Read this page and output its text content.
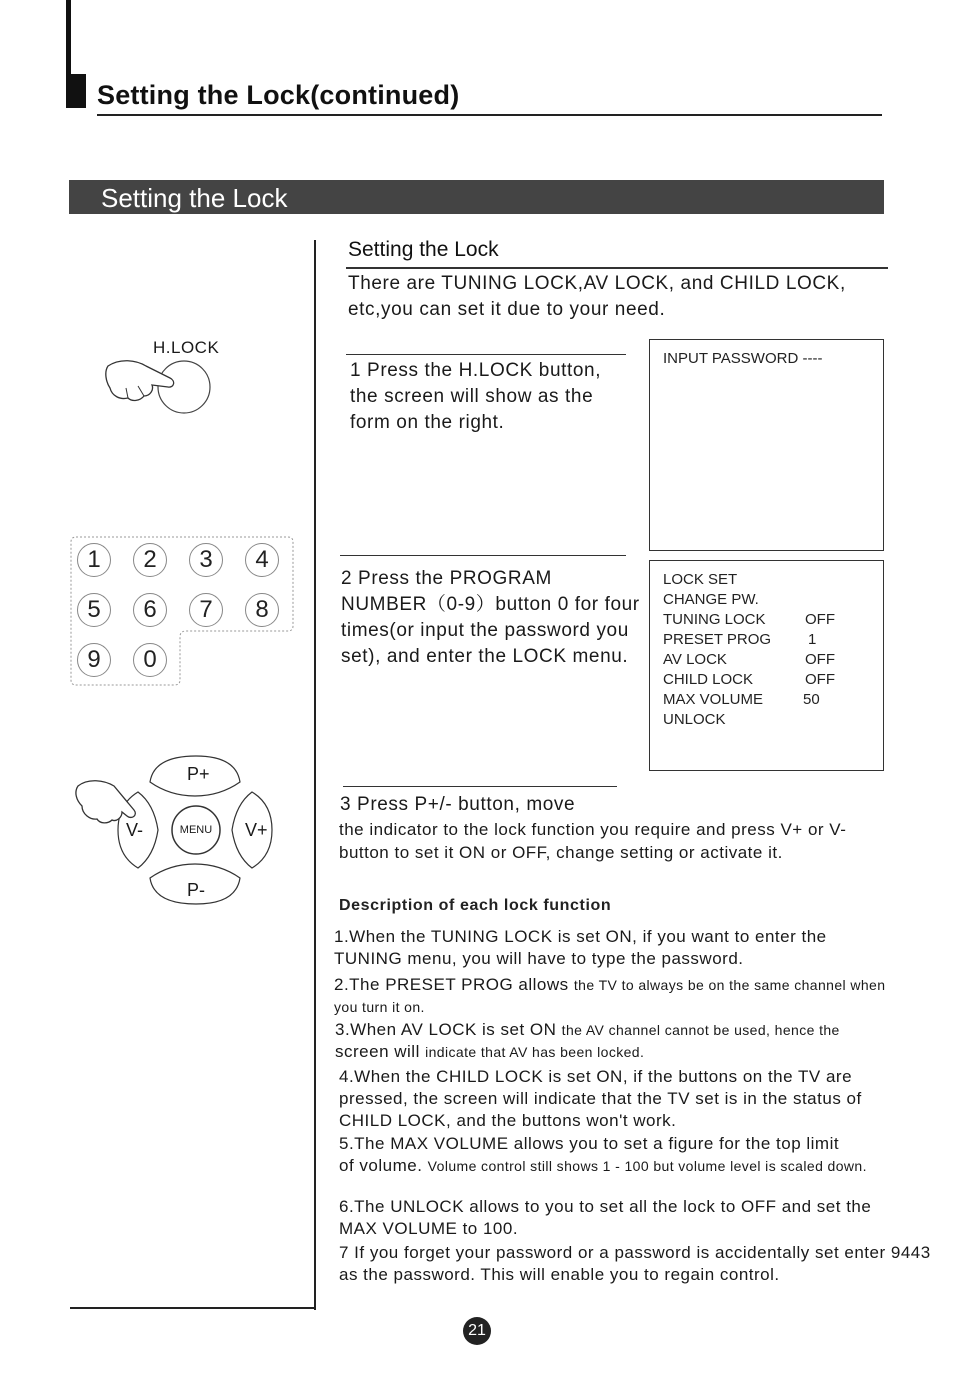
Setting the Lock(continued)
Setting the Lock
Setting the Lock
There are TUNING LOCK,AV LOCK, and CHILD LOCK, etc,you can set it due to your need.
1 Press the H.LOCK button, the screen will show as the form on the right.
2 Press the PROGRAM NUMBER（0-9）button 0 for four times(or input the password you set), and enter the LOCK menu.
3 Press P+/- button, move
the indicator to the lock function you require and press V+ or V- button to set it ON or OFF, change setting or activate it.
INPUT PASSWORD ----
LOCK SET
CHANGE PW.
TUNING LOCK	OFF
PRESET PROG 1
AV LOCK	OFF
CHILD LOCK	OFF
MAX VOLUME	50
UNLOCK
Description of each lock function
1.When the TUNING LOCK is set ON, if you want to enter the TUNING menu, you will have to type the password.
2.The PRESET PROG allows the TV to always be on the same channel when you turn it on.
3.When AV LOCK is set ON the AV channel cannot be used, hence the
screen will indicate that AV has been locked.
4.When the CHILD LOCK is set ON, if the buttons on the TV are pressed, the screen will indicate that the TV set is in the status of CHILD LOCK, and the buttons won't work.
5.The MAX VOLUME allows you to set a figure for the top limit
of volume. Volume control still shows 1 - 100 but volume level is scaled down.
6.The UNLOCK allows to you to set all the lock to OFF and set the MAX VOLUME to 100.
7 If you forget your password or a password is accidentally set enter 9443 as the password. This will enable you to regain control.
H.LOCK
1	2	3	4
5	6	7	8
9	0
P+
P-
V-	V+
MENU
21
